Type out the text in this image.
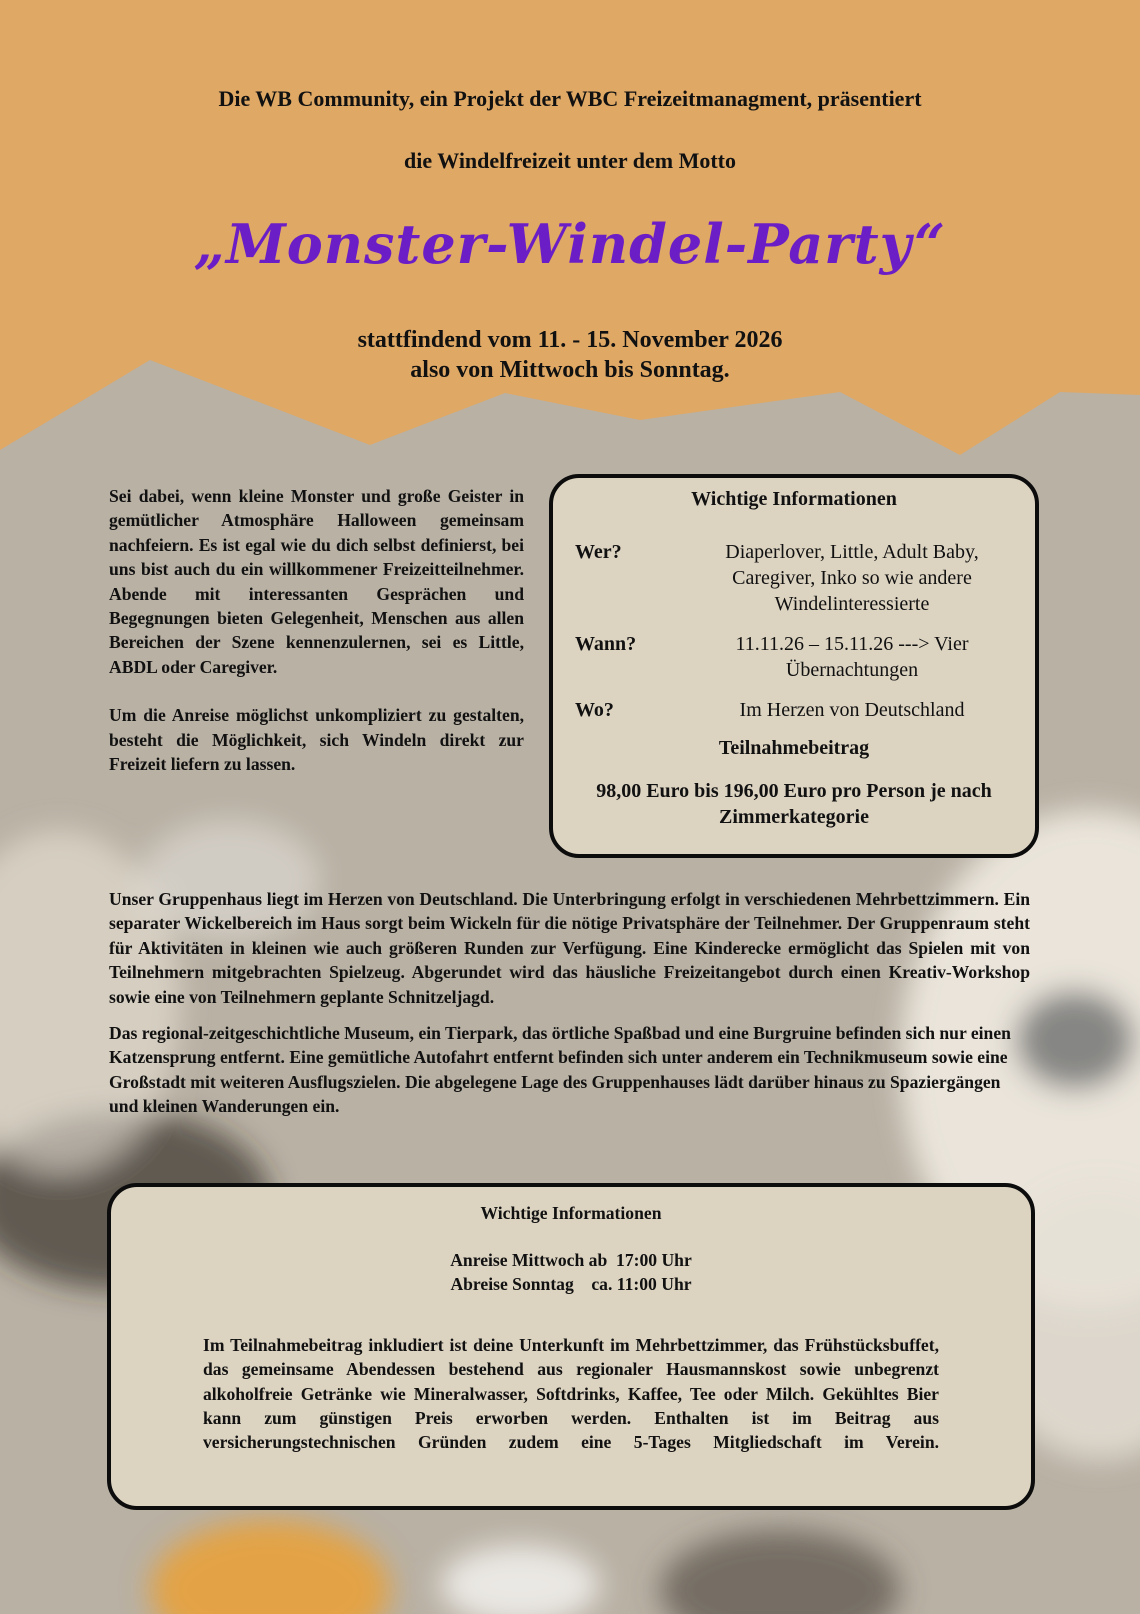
Die WB Community, ein Projekt der WBC Freizeitmanagment, präsentiert
die Windelfreizeit unter dem Motto
„Monster-Windel-Party“
stattfindend vom 11. - 15. November 2026
also von Mittwoch bis Sonntag.

Sei dabei, wenn kleine Monster und große Geister in gemütlicher Atmosphäre Halloween gemeinsam nachfeiern. Es ist egal wie du dich selbst definierst, bei uns bist auch du ein willkommener Freizeitteilnehmer. Abende mit interessanten Gesprächen und Begegnungen bieten Gelegenheit, Menschen aus allen Bereichen der Szene kennenzulernen, sei es Little, ABDL oder Caregiver.

Um die Anreise möglichst unkompliziert zu gestalten, besteht die Möglichkeit, sich Windeln direkt zur Freizeit liefern zu lassen.

Wichtige Informationen
Wer?	Diaperlover, Little, Adult Baby, Caregiver, Inko so wie andere Windelinteressierte
Wann?	11.11.26 – 15.11.26 ---> Vier Übernachtungen
Wo?	Im Herzen von Deutschland
Teilnahmebeitrag
98,00 Euro bis 196,00 Euro pro Person je nach Zimmerkategorie

Unser Gruppenhaus liegt im Herzen von Deutschland. Die Unterbringung erfolgt in verschiedenen Mehrbettzimmern. Ein separater Wickelbereich im Haus sorgt beim Wickeln für die nötige Privatsphäre der Teilnehmer. Der Gruppenraum steht für Aktivitäten in kleinen wie auch größeren Runden zur Verfügung. Eine Kinderecke ermöglicht das Spielen mit von Teilnehmern mitgebrachten Spielzeug. Abgerundet wird das häusliche Freizeitangebot durch einen Kreativ-Workshop sowie eine von Teilnehmern geplante Schnitzeljagd.

Das regional-zeitgeschichtliche Museum, ein Tierpark, das örtliche Spaßbad und eine Burgruine befinden sich nur einen Katzensprung entfernt. Eine gemütliche Autofahrt entfernt befinden sich unter anderem ein Technikmuseum sowie eine Großstadt mit weiteren Ausflugszielen. Die abgelegene Lage des Gruppenhauses lädt darüber hinaus zu Spaziergängen und kleinen Wanderungen ein.

Wichtige Informationen
Anreise Mittwoch ab  17:00 Uhr
Abreise Sonntag    ca. 11:00 Uhr

Im Teilnahmebeitrag inkludiert ist deine Unterkunft im Mehrbettzimmer, das Frühstücksbuffet, das gemeinsame Abendessen bestehend aus regionaler Hausmannskost sowie unbegrenzt alkoholfreie Getränke wie Mineralwasser, Softdrinks, Kaffee, Tee oder Milch. Gekühltes Bier kann zum günstigen Preis erworben werden. Enthalten ist im Beitrag aus versicherungstechnischen Gründen zudem eine 5-Tages Mitgliedschaft im Verein.
